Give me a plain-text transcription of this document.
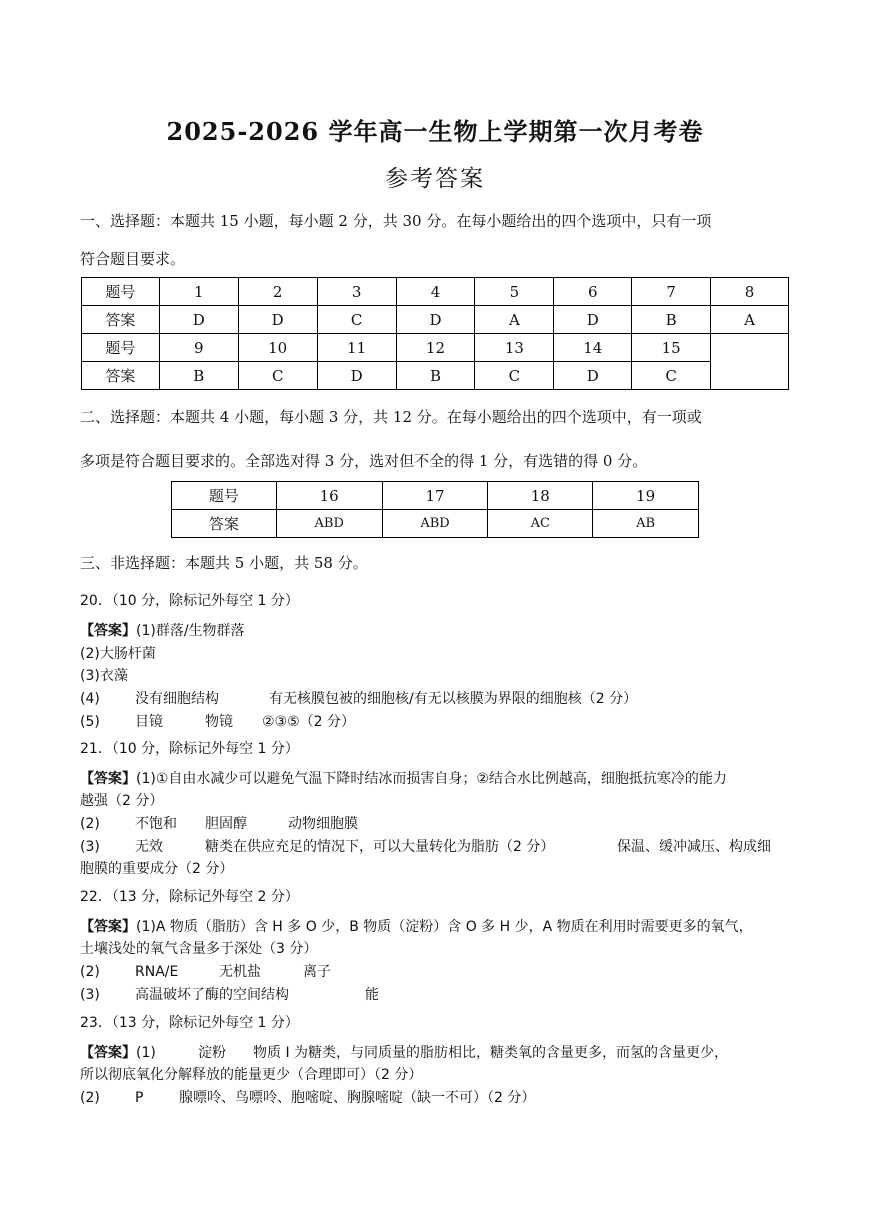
2025-2026 学年高一生物上学期第一次月考卷
参考答案
一、选择题：本题共 15 小题，每小题 2 分，共 30 分。在每小题给出的四个选项中，只有一项
符合题目要求。
题号	1	2	3	4	5	6	7	8
答案	D	D	C	D	A	D	B	A
题号	9	10	11	12	13	14	15	
答案	B	C	D	B	C	D	C	
二、选择题：本题共 4 小题，每小题 3 分，共 12 分。在每小题给出的四个选项中，有一项或
多项是符合题目要求的。全部选对得 3 分，选对但不全的得 1 分，有选错的得 0 分。
题号	16	17	18	19
答案	ABD	ABD	AC	AB
三、非选择题：本题共 5 小题，共 58 分。
20．（10 分，除标记外每空 1 分）
【答案】(1)群落/生物群落
(2)大肠杆菌
(3)衣藻
(4)	没有细胞结构	有无核膜包被的细胞核/有无以核膜为界限的细胞核（2 分）
(5)	目镜	物镜 ②③⑤（2 分）
21．（10 分，除标记外每空 1 分）
【答案】(1)①自由水减少可以避免气温下降时结冰而损害自身；②结合水比例越高，细胞抵抗寒冷的能力
越强（2 分）
(2)	不饱和 胆固醇	动物细胞膜
(3)	无效	糖类在供应充足的情况下，可以大量转化为脂肪（2 分）	保温、缓冲减压、构成细
胞膜的重要成分（2 分）
22．（13 分，除标记外每空 2 分）
【答案】(1)A 物质（脂肪）含 H 多 O 少，B 物质（淀粉）含 O 多 H 少，A 物质在利用时需要更多的氧气，
土壤浅处的氧气含量多于深处（3 分）
(2)	RNA/E	无机盐	离子
(3)	高温破坏了酶的空间结构	能
23．（13 分，除标记外每空 1 分）
【答案】(1)	淀粉 物质 I 为糖类，与同质量的脂肪相比，糖类氧的含量更多，而氢的含量更少，
所以彻底氧化分解释放的能量更少（合理即可）（2 分）
(2)	P	腺嘌呤、鸟嘌呤、胞嘧啶、胸腺嘧啶（缺一不可）（2 分）
